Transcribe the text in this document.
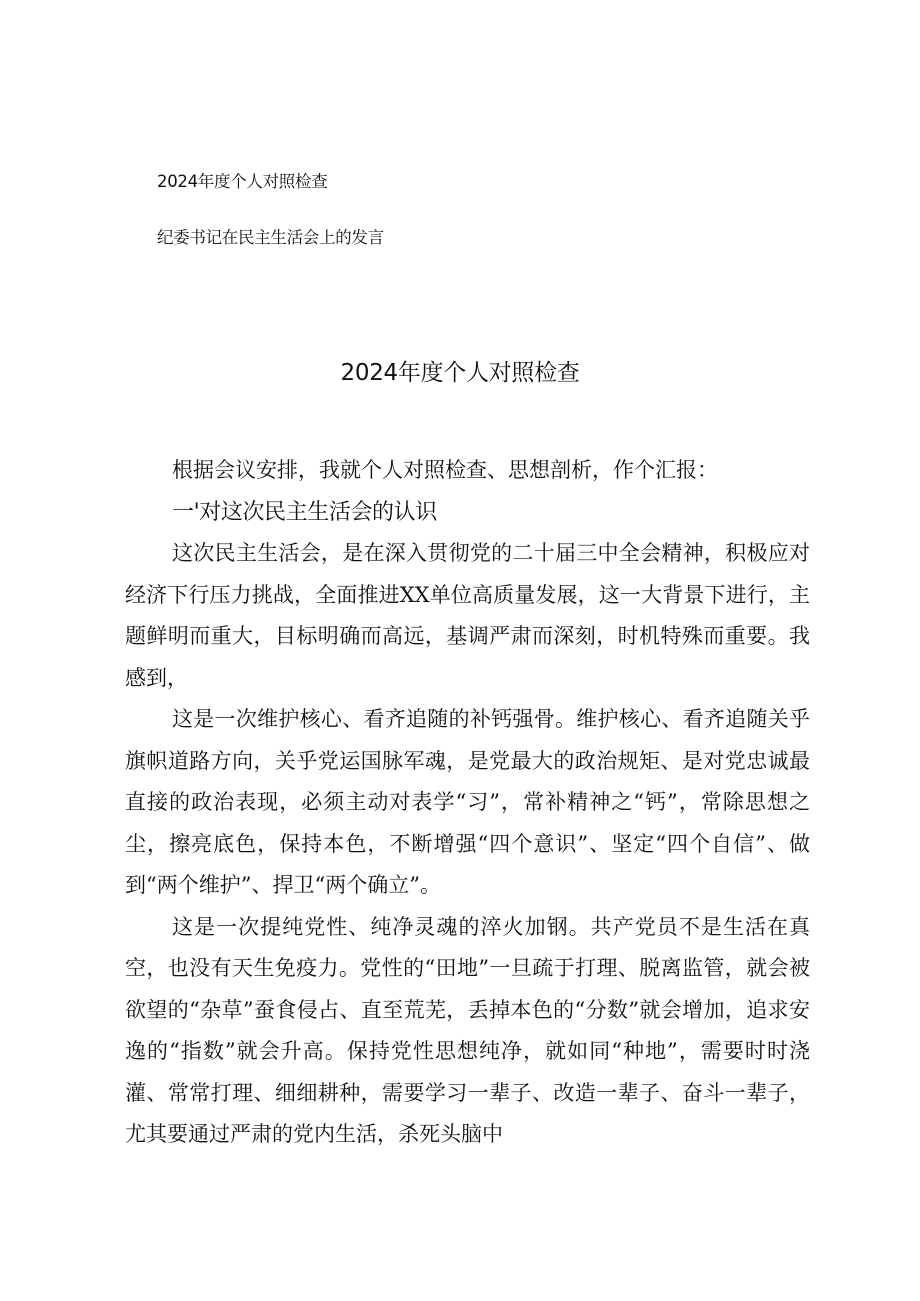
2024年度个人对照检查
纪委书记在民主生活会上的发言
2024年度个人对照检查

根据会议安排，我就个人对照检查、思想剖析，作个汇报：

一'对这次民主生活会的认识

这次民主生活会，是在深入贯彻党的二十届三中全会精神，积极应对经济下行压力挑战，全面推进XX单位高质量发展，这一大背景下进行，主题鲜明而重大，目标明确而高远，基调严肃而深刻，时机特殊而重要。我感到，

这是一次维护核心、看齐追随的补钙强骨。维护核心、看齐追随关乎旗帜道路方向，关乎党运国脉军魂，是党最大的政治规矩、是对党忠诚最直接的政治表现，必须主动对表学“习”，常补精神之“钙”，常除思想之尘，擦亮底色，保持本色，不断增强“四个意识”、坚定“四个自信”、做到“两个维护”、捍卫“两个确立”。

这是一次提纯党性、纯净灵魂的淬火加钢。共产党员不是生活在真空，也没有天生免疫力。党性的“田地”一旦疏于打理、脱离监管，就会被欲望的“杂草”蚕食侵占、直至荒芜，丢掉本色的“分数”就会增加，追求安逸的“指数”就会升高。保持党性思想纯净，就如同“种地”，需要时时浇灌、常常打理、细细耕种，需要学习一辈子、改造一辈子、奋斗一辈子，尤其要通过严肃的党内生活，杀死头脑中
